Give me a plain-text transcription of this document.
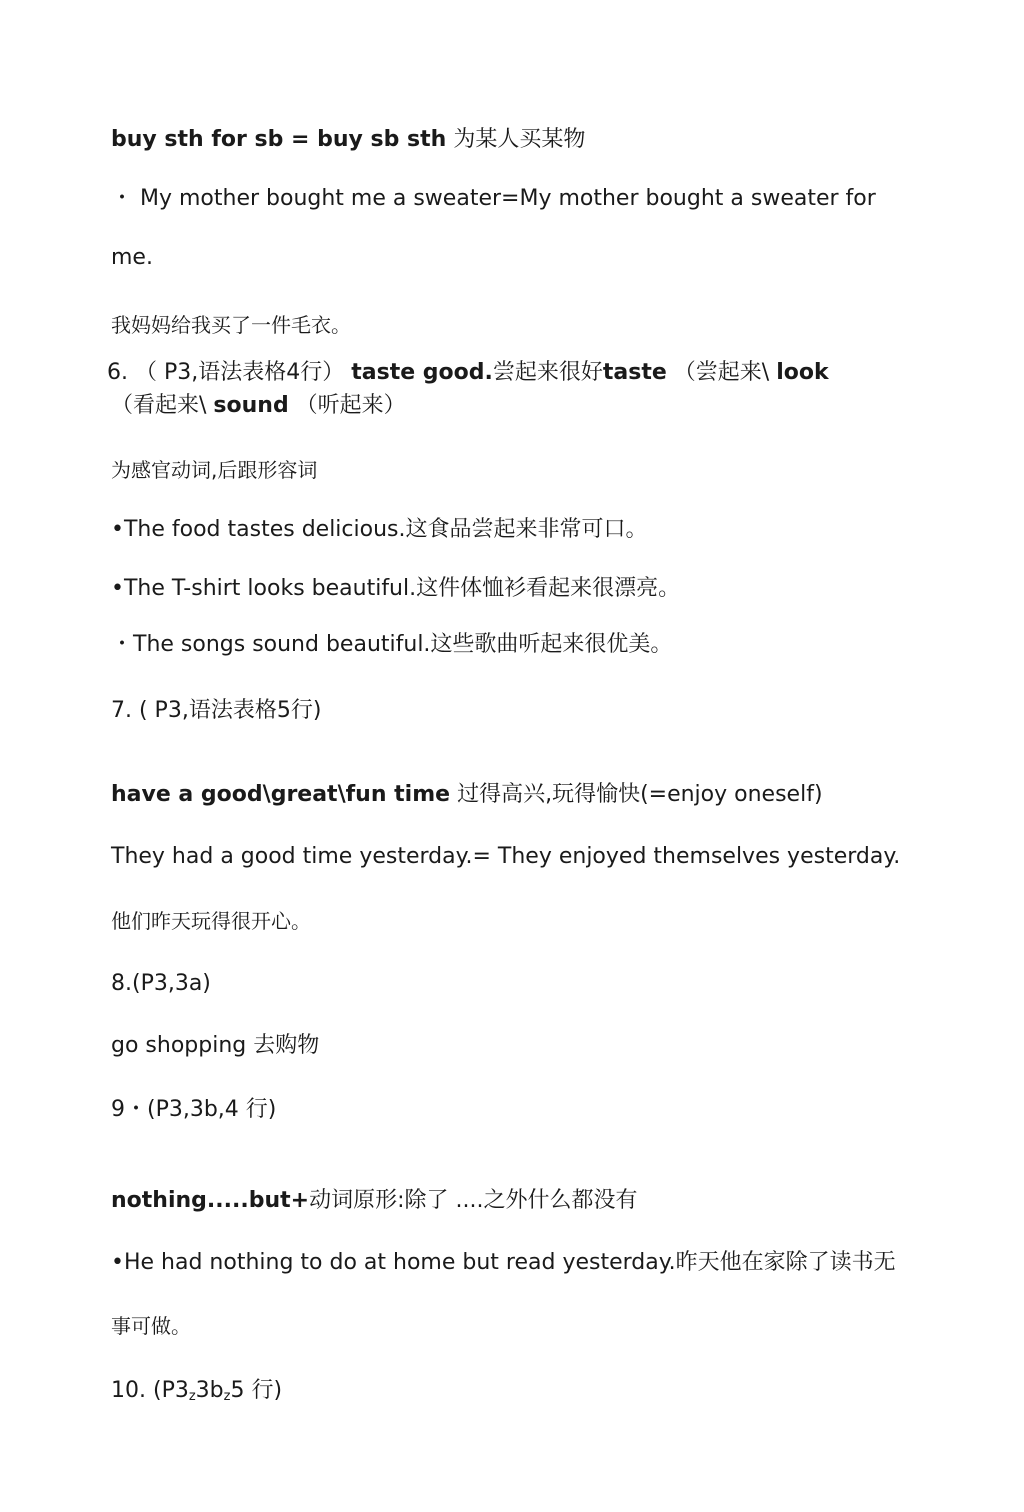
buy sth for sb = buy sb sth 为某人买某物
・ My mother bought me a sweater=My mother bought a sweater for
me.
我妈妈给我买了一件毛衣。
6. （ P3,语法表格4行） taste good.尝起来很好taste （尝起来\ look
（看起来\ sound （听起来）
为感官动词,后跟形容词
•The food tastes delicious.这食品尝起来非常可口。
•The T-shirt looks beautiful.这件体恤衫看起来很漂亮。
・The songs sound beautiful.这些歌曲听起来很优美。
7. ( P3,语法表格5行)
have a good\great\fun time 过得高兴,玩得愉快(=enjoy oneself)
They had a good time yesterday.= They enjoyed themselves yesterday.
他们昨天玩得很开心。
8.(P3,3a)
go shopping 去购物
9・(P3,3b,4 行)
nothing.....but+动词原形:除了 ....之外什么都没有
•He had nothing to do at home but read yesterday.昨天他在家除了读书无
事可做。
10. ($P3_z3b_z5$ 行)
